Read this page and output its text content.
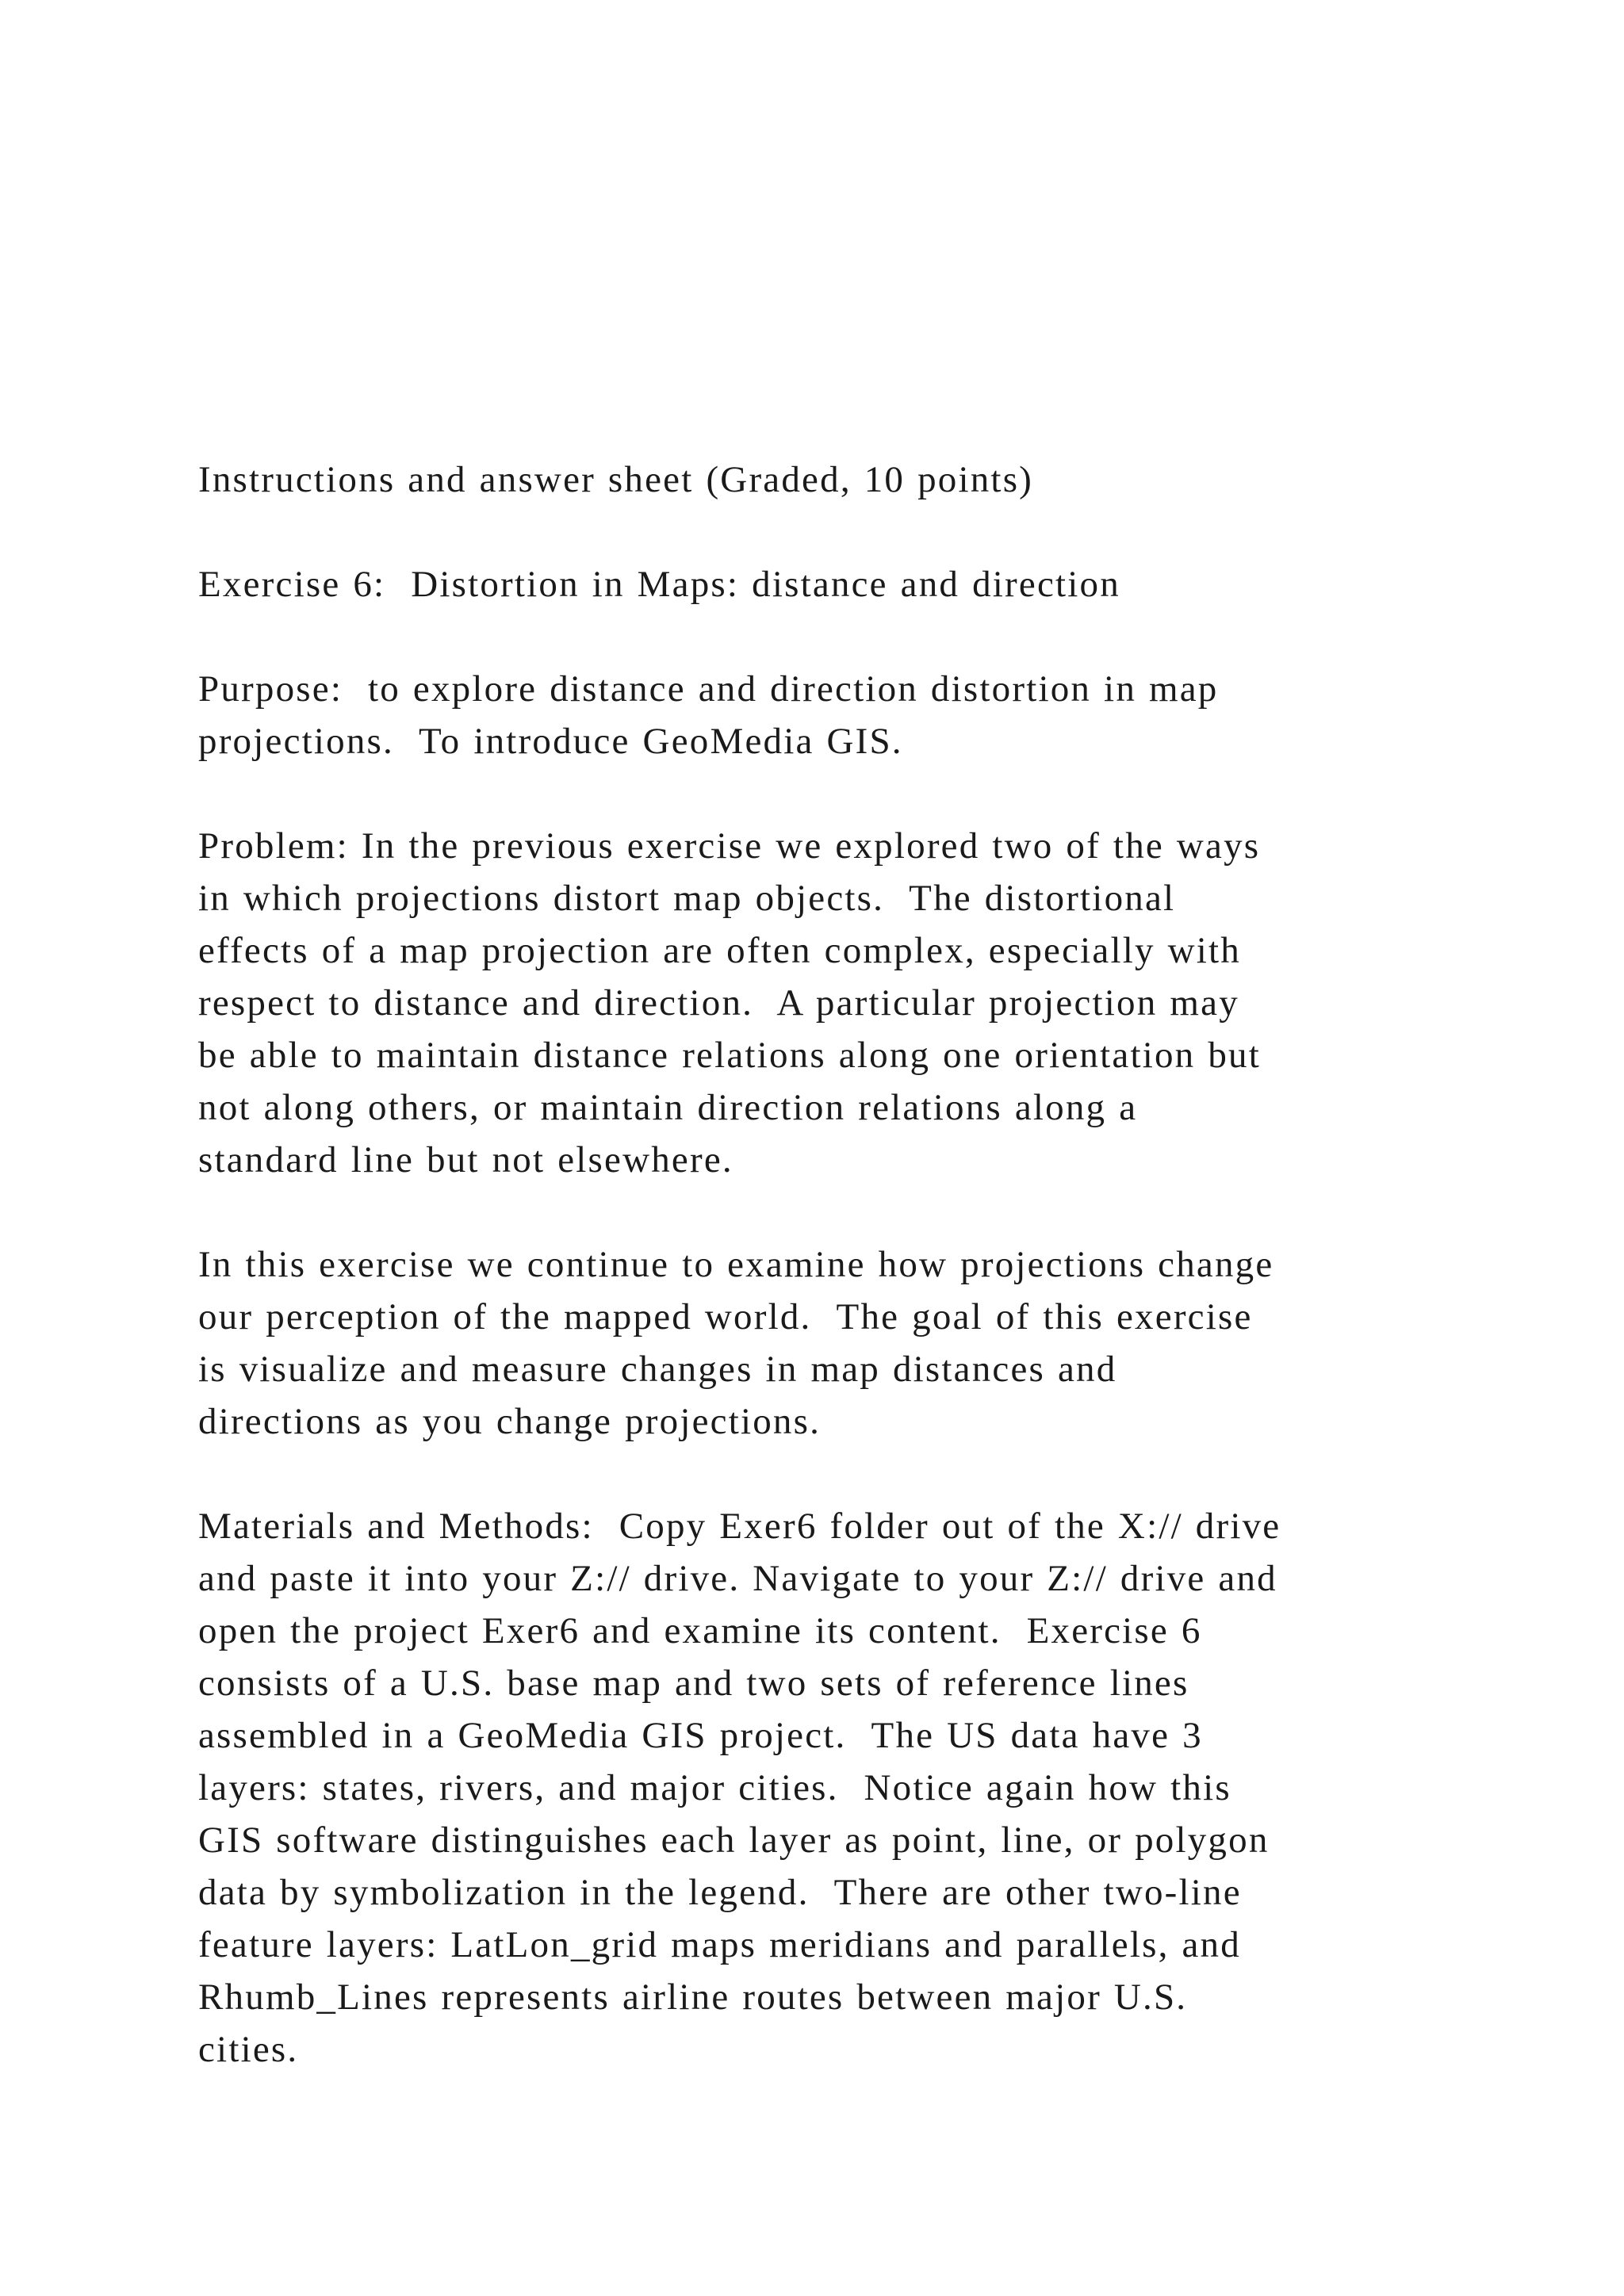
Instructions and answer sheet (Graded, 10 points)

Exercise 6:  Distortion in Maps: distance and direction

Purpose:  to explore distance and direction distortion in map
projections.  To introduce GeoMedia GIS.

Problem: In the previous exercise we explored two of the ways
in which projections distort map objects.  The distortional
effects of a map projection are often complex, especially with
respect to distance and direction.  A particular projection may
be able to maintain distance relations along one orientation but
not along others, or maintain direction relations along a
standard line but not elsewhere.

In this exercise we continue to examine how projections change
our perception of the mapped world.  The goal of this exercise
is visualize and measure changes in map distances and
directions as you change projections.

Materials and Methods:  Copy Exer6 folder out of the X:// drive
and paste it into your Z:// drive. Navigate to your Z:// drive and
open the project Exer6 and examine its content.  Exercise 6
consists of a U.S. base map and two sets of reference lines
assembled in a GeoMedia GIS project.  The US data have 3
layers: states, rivers, and major cities.  Notice again how this
GIS software distinguishes each layer as point, line, or polygon
data by symbolization in the legend.  There are other two-line
feature layers: LatLon_grid maps meridians and parallels, and
Rhumb_Lines represents airline routes between major U.S.
cities.
